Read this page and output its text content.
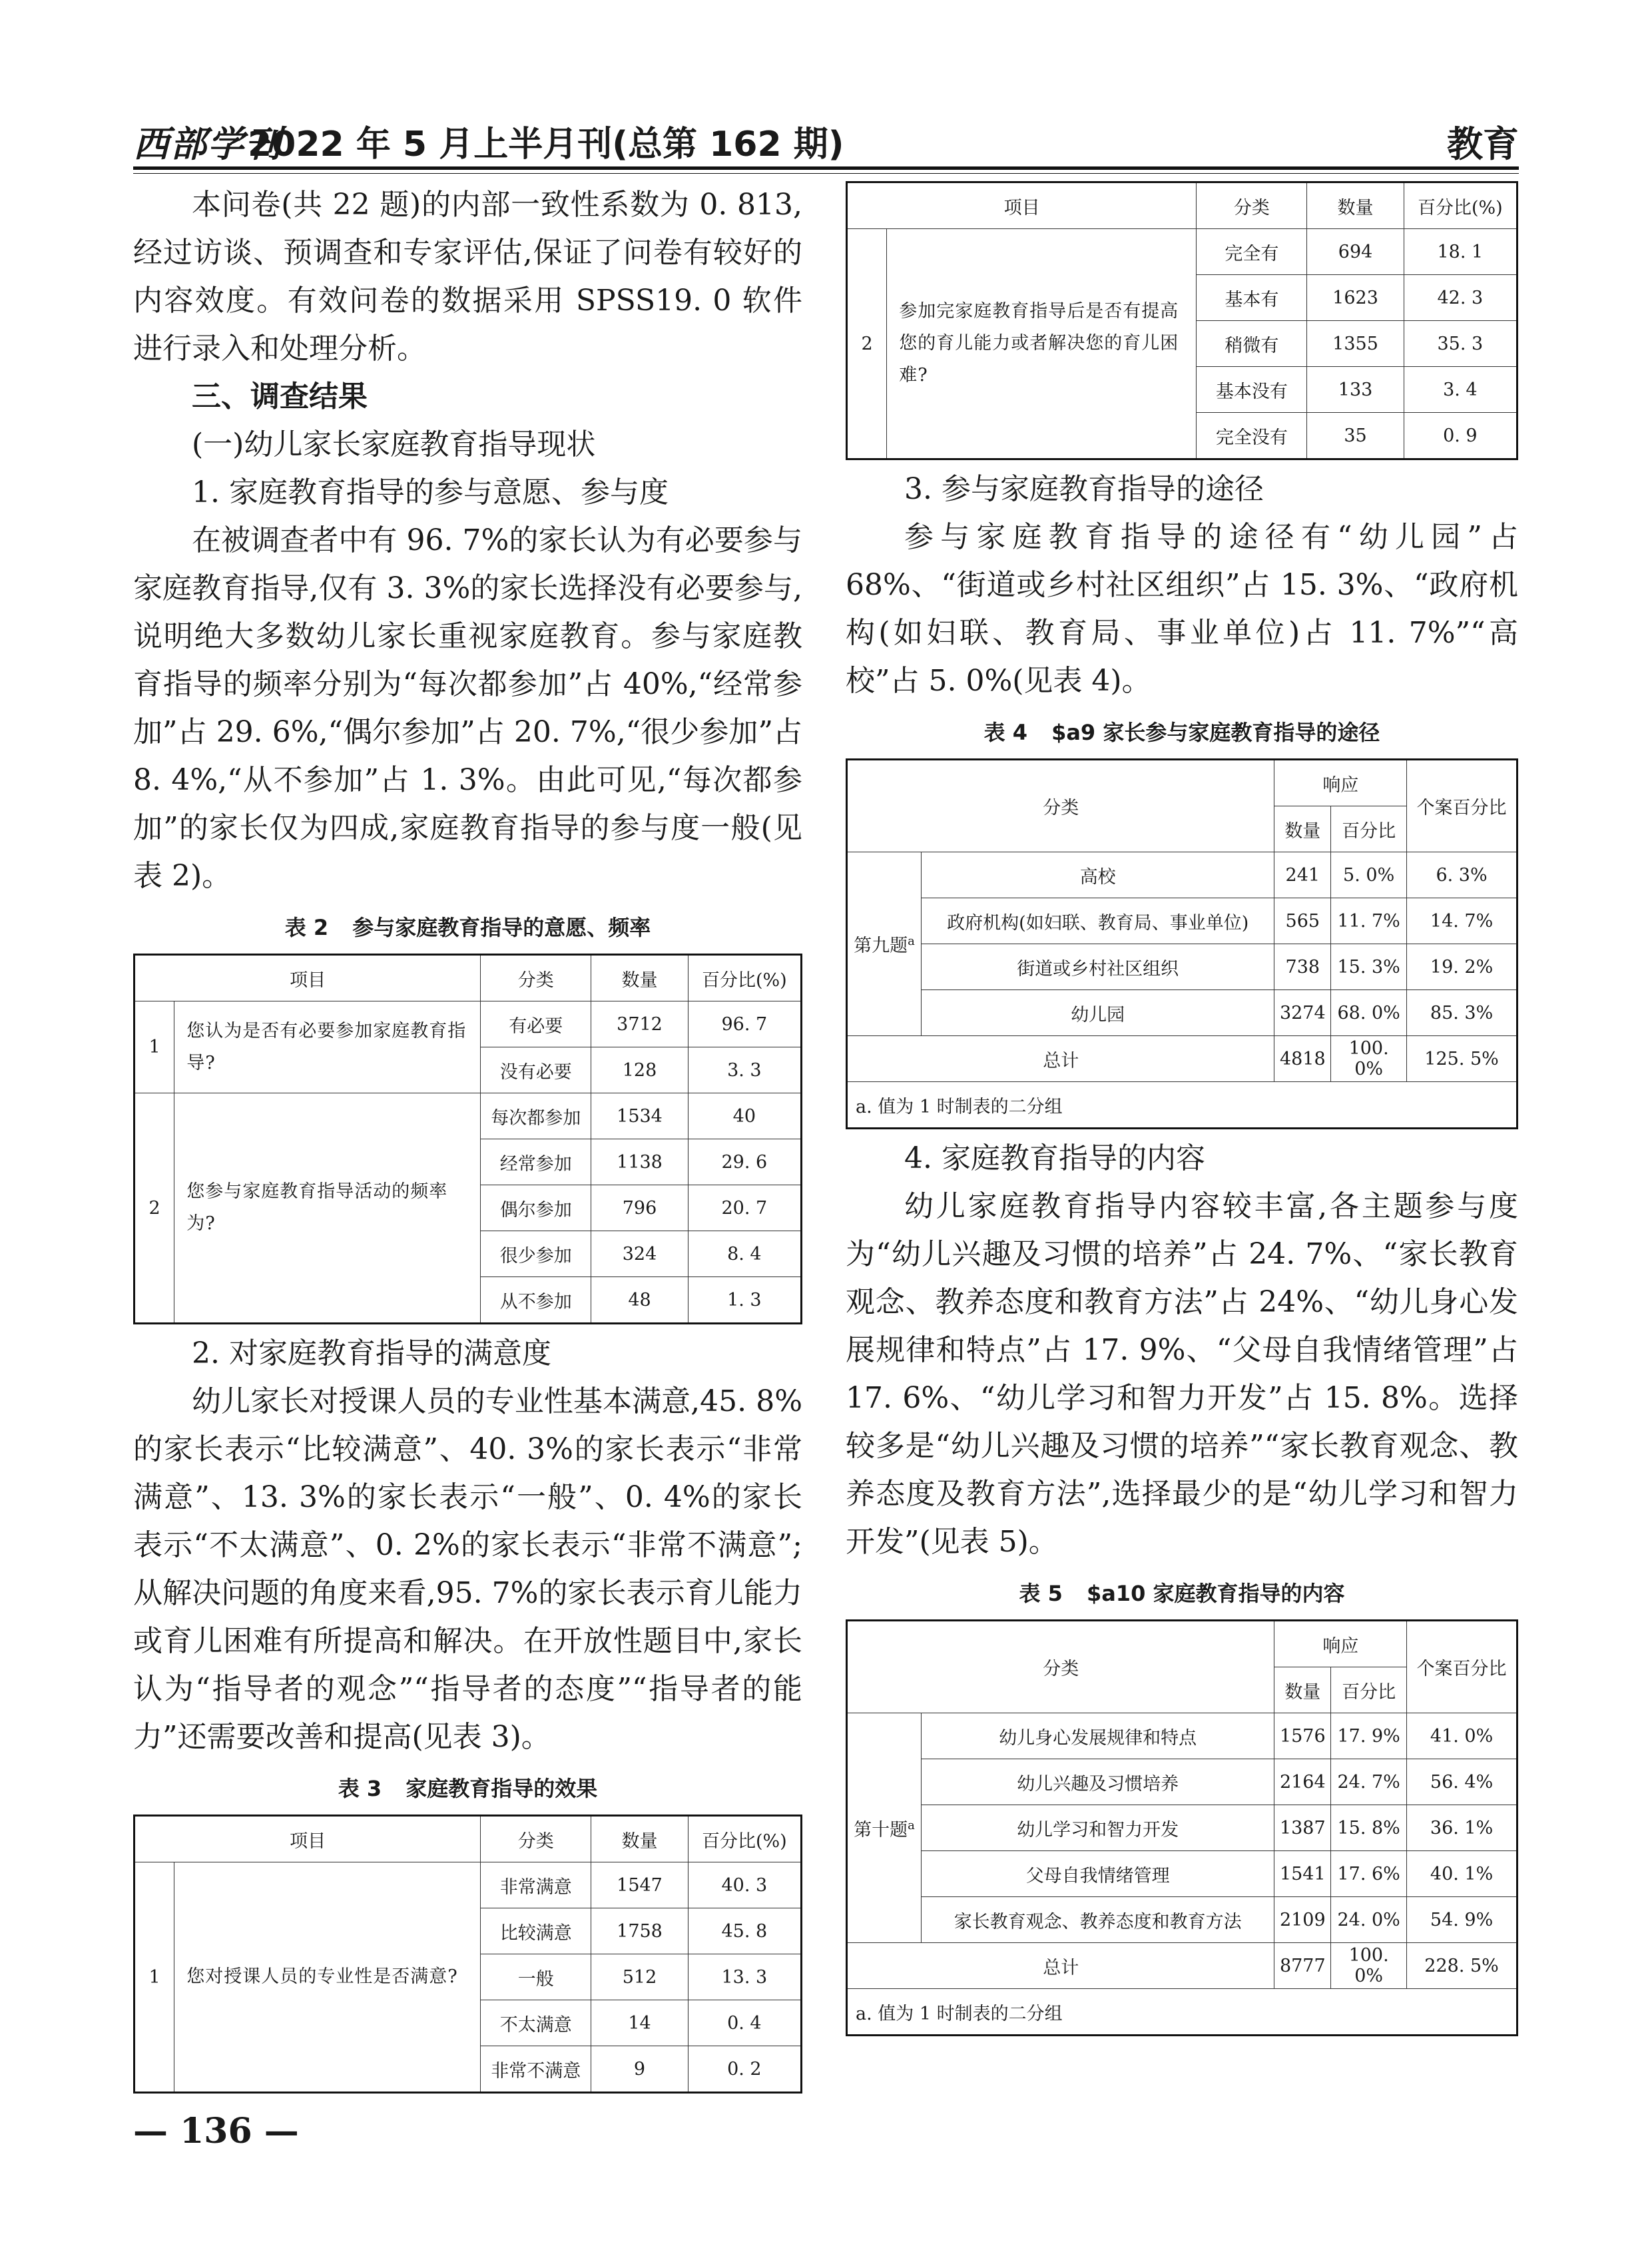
西部学刊
2022 年 5 月上半月刊(总第 162 期)	教育

本问卷(共 22 题)的内部一致性系数为 0. 813,经过访谈、预调查和专家评估,保证了问卷有较好的内容效度。有效问卷的数据采用 SPSS19. 0 软件进行录入和处理分析。

三、调查结果

(一)幼儿家长家庭教育指导现状

1. 家庭教育指导的参与意愿、参与度

在被调查者中有 96. 7%的家长认为有必要参与家庭教育指导,仅有 3. 3%的家长选择没有必要参与,说明绝大多数幼儿家长重视家庭教育。参与家庭教育指导的频率分别为“每次都参加”占 40%,“经常参加”占 29. 6%,“偶尔参加”占 20. 7%,“很少参加”占 8. 4%,“从不参加”占 1. 3%。由此可见,“每次都参加”的家长仅为四成,家庭教育指导的参与度一般(见表 2)。

表 2 参与家庭教育指导的意愿、频率
项目		分类	数量	百分比(%)
1	您认为是否有必要参加家庭教育指导?	有必要	3712	96. 7
		没有必要	128	3. 3
2	您参与家庭教育指导活动的频率为?	每次都参加	1534	40
		经常参加	1138	29. 6
		偶尔参加	796	20. 7
		很少参加	324	8. 4
		从不参加	48	1. 3

2. 对家庭教育指导的满意度

幼儿家长对授课人员的专业性基本满意,45. 8%的家长表示“比较满意”、40. 3%的家长表示“非常满意”、13. 3%的家长表示“一般”、0. 4%的家长表示“不太满意”、0. 2%的家长表示“非常不满意”;从解决问题的角度来看,95. 7%的家长表示育儿能力或育儿困难有所提高和解决。在开放性题目中,家长认为“指导者的观念”“指导者的态度”“指导者的能力”还需要改善和提高(见表 3)。

表 3 家庭教育指导的效果
项目		分类	数量	百分比(%)
1	您对授课人员的专业性是否满意?	非常满意	1547	40. 3
		比较满意	1758	45. 8
		一般	512	13. 3
		不太满意	14	0. 4
		非常不满意	9	0. 2
项目		分类	数量	百分比(%)
2	参加完家庭教育指导后是否有提高您的育儿能力或者解决您的育儿困难?	完全有	694	18. 1
		基本有	1623	42. 3
		稍微有	1355	35. 3
		基本没有	133	3. 4
		完全没有	35	0. 9

3. 参与家庭教育指导的途径

参与家庭教育指导的途径有“幼儿园”占 68%、“街道或乡村社区组织”占 15. 3%、“政府机构(如妇联、教育局、事业单位)占 11. 7%”“高校”占 5. 0%(见表 4)。

表 4 $a9 家长参与家庭教育指导的途径
分类		响应		个案百分比
		数量	百分比	
第九题$^a$	高校	241	5. 0%	6. 3%
	政府机构(如妇联、教育局、事业单位)	565	11. 7%	14. 7%
	街道或乡村社区组织	738	15. 3%	19. 2%
	幼儿园	3274	68. 0%	85. 3%
总计		4818	100. 0%	125. 5%
a. 值为 1 时制表的二分组				

4. 家庭教育指导的内容

幼儿家庭教育指导内容较丰富,各主题参与度为“幼儿兴趣及习惯的培养”占 24. 7%、“家长教育观念、教养态度和教育方法”占 24%、“幼儿身心发展规律和特点”占 17. 9%、“父母自我情绪管理”占 17. 6%、“幼儿学习和智力开发”占 15. 8%。选择较多是“幼儿兴趣及习惯的培养”“家长教育观念、教养态度及教育方法”,选择最少的是“幼儿学习和智力开发”(见表 5)。

表 5 $a10 家庭教育指导的内容
分类		响应		个案百分比
		数量	百分比	
第十题$^a$	幼儿身心发展规律和特点	1576	17. 9%	41. 0%
	幼儿兴趣及习惯培养	2164	24. 7%	56. 4%
	幼儿学习和智力开发	1387	15. 8%	36. 1%
	父母自我情绪管理	1541	17. 6%	40. 1%
	家长教育观念、教养态度和教育方法	2109	24. 0%	54. 9%
总计		8777	100. 0%	228. 5%
a. 值为 1 时制表的二分组				
— 136 —
